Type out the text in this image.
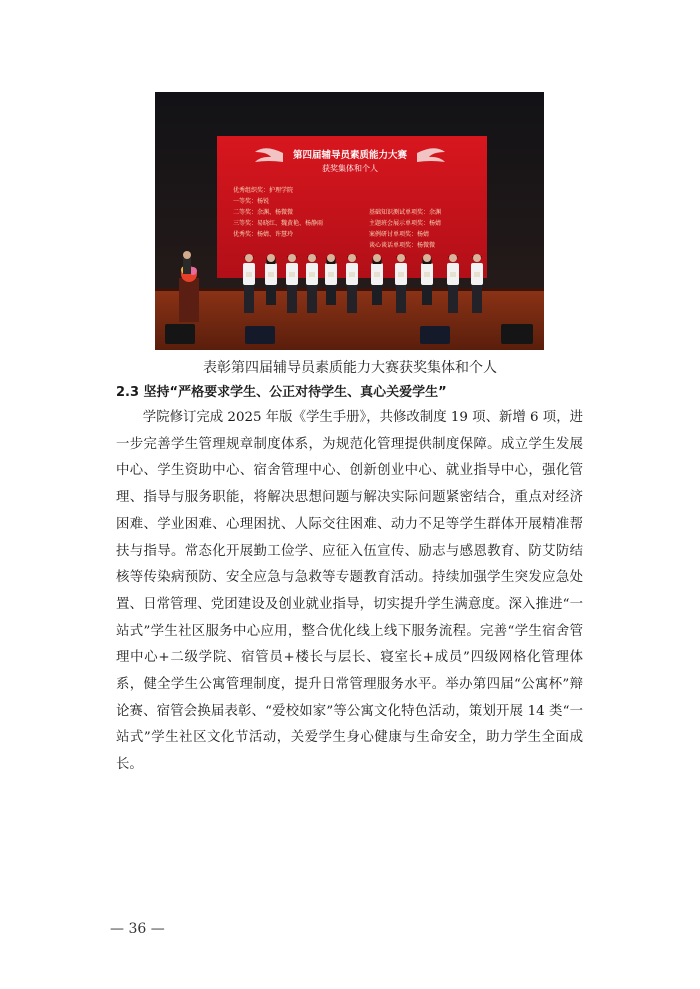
第四届辅导员素质能力大赛
获奖集体和个人
优秀组织奖：护理学院
一等奖：杨锐
二等奖：余渊、杨微微
三等奖：易晓红、魏黄艳、杨静雨
优秀奖：杨婧、许慧玲
基础知识测试单项奖：余渊
主题班会展示单项奖：杨婧
案例研讨单项奖：杨婧
谈心谈话单项奖：杨微微
表彰第四届辅导员素质能力大赛获奖集体和个人
2.3 坚持“严格要求学生、公正对待学生、真心关爱学生”
学院修订完成 2025 年版《学生手册》，共修改制度 19 项、新增 6 项，进一步完善学生管理规章制度体系，为规范化管理提供制度保障。成立学生发展中心、学生资助中心、宿舍管理中心、创新创业中心、就业指导中心，强化管理、指导与服务职能，将解决思想问题与解决实际问题紧密结合，重点对经济困难、学业困难、心理困扰、人际交往困难、动力不足等学生群体开展精准帮扶与指导。常态化开展勤工俭学、应征入伍宣传、励志与感恩教育、防艾防结核等传染病预防、安全应急与急救等专题教育活动。持续加强学生突发应急处置、日常管理、党团建设及创业就业指导，切实提升学生满意度。深入推进“一站式”学生社区服务中心应用，整合优化线上线下服务流程。完善“学生宿舍管理中心+二级学院、宿管员+楼长与层长、寝室长+成员”四级网格化管理体系，健全学生公寓管理制度，提升日常管理服务水平。举办第四届“公寓杯”辩论赛、宿管会换届表彰、“爱校如家”等公寓文化特色活动，策划开展 14 类“一站式”学生社区文化节活动，关爱学生身心健康与生命安全，助力学生全面成长。
— 36 —
